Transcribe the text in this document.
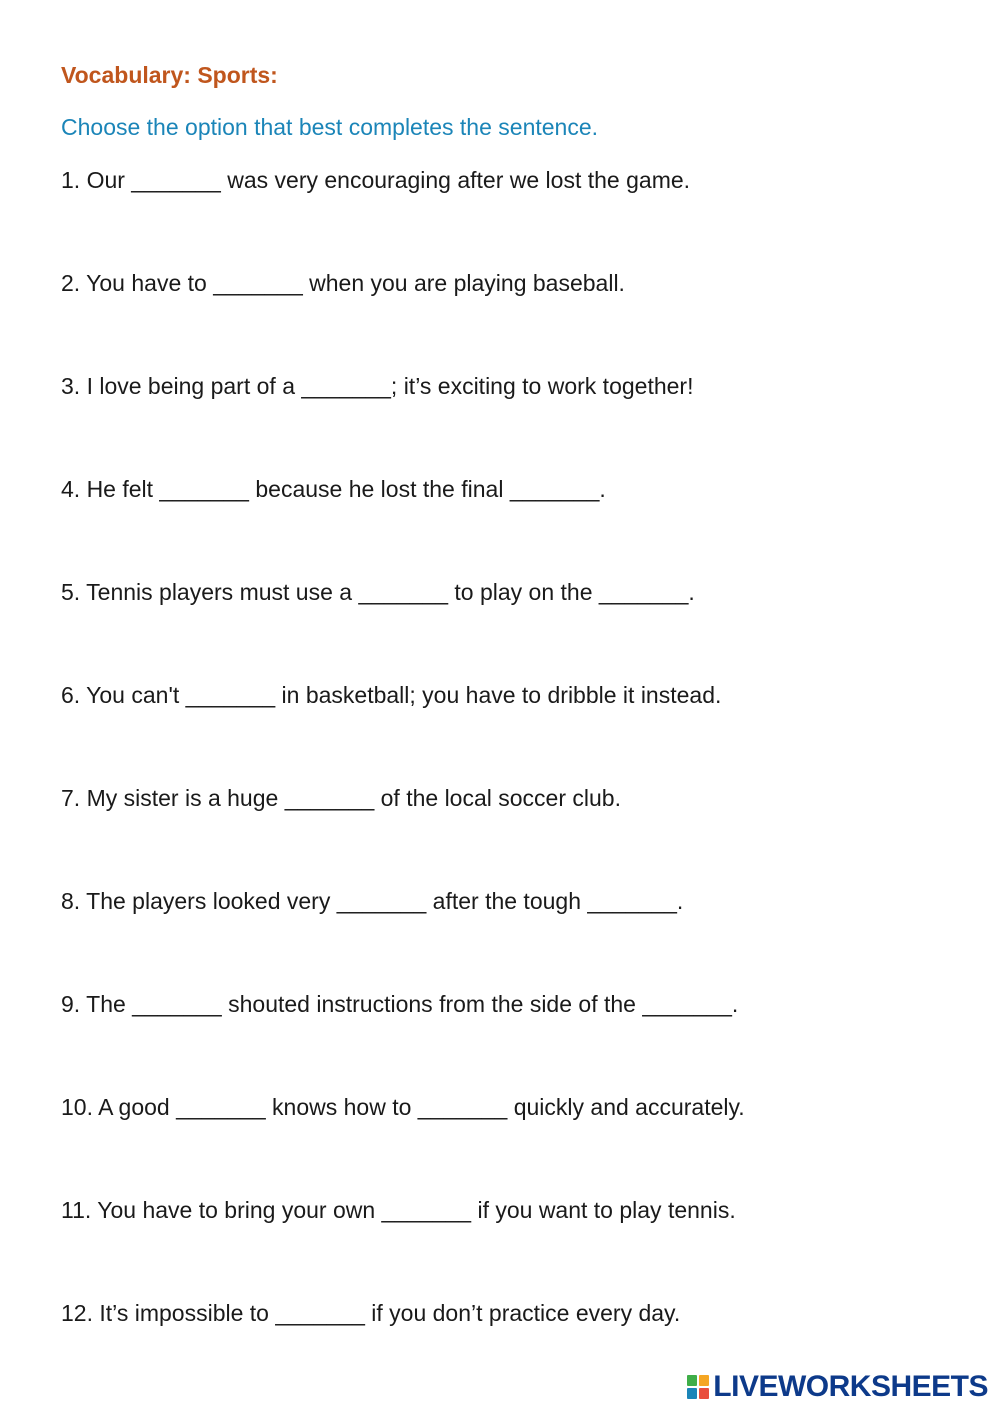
Vocabulary: Sports:
Choose the option that best completes the sentence.
1. Our _______ was very encouraging after we lost the game.
2. You have to _______ when you are playing baseball.
3. I love being part of a _______; it’s exciting to work together!
4. He felt _______ because he lost the final _______.
5. Tennis players must use a _______ to play on the _______.
6. You can't _______ in basketball; you have to dribble it instead.
7. My sister is a huge _______ of the local soccer club.
8. The players looked very _______ after the tough _______.
9. The _______ shouted instructions from the side of the _______.
10. A good _______ knows how to _______ quickly and accurately.
11. You have to bring your own _______ if you want to play tennis.
12. It’s impossible to _______ if you don’t practice every day.
LIVEWORKSHEETS
